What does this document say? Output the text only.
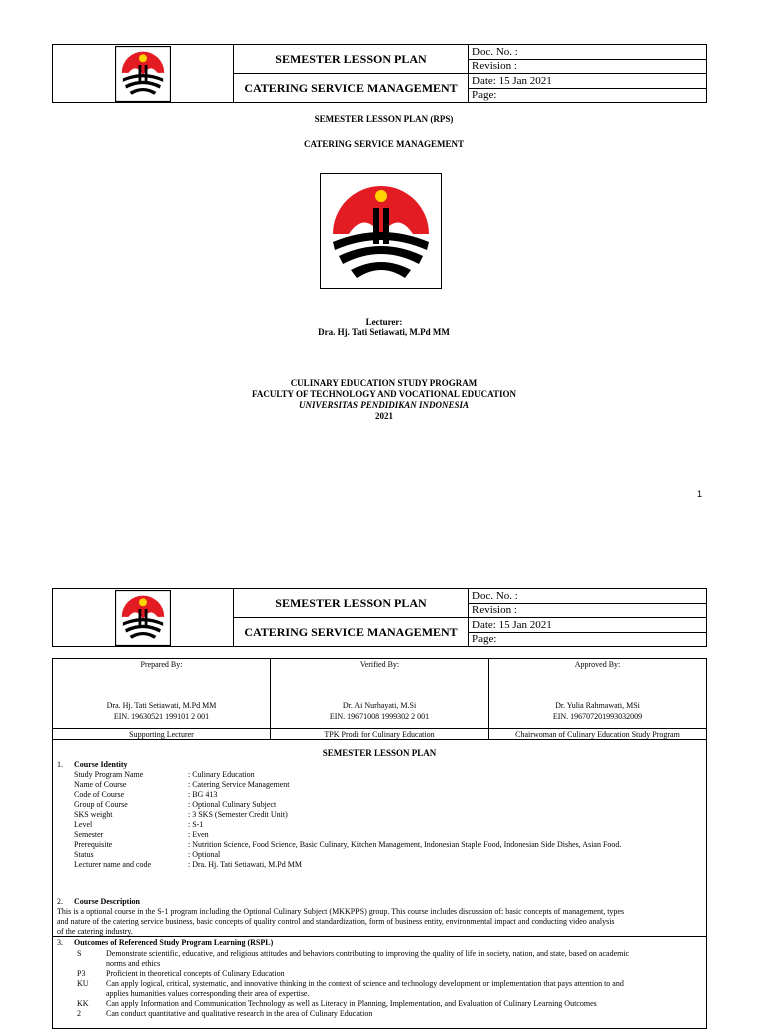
SEMESTER LESSON PLAN
CATERING SERVICE MANAGEMENT
Doc. No. :
Revision :
Date: 15 Jan 2021
Page:
SEMESTER LESSON PLAN (RPS)
CATERING SERVICE MANAGEMENT
Lecturer:
Dra. Hj. Tati Setiawati, M.Pd MM
CULINARY EDUCATION STUDY PROGRAM
FACULTY OF TECHNOLOGY AND VOCATIONAL EDUCATION
UNIVERSITAS PENDIDIKAN INDONESIA
2021
1
SEMESTER LESSON PLAN
CATERING SERVICE MANAGEMENT
Doc. No. :
Revision :
Date: 15 Jan 2021
Page:
Prepared By:
Dra. Hj. Tati Setiawati, M.Pd MM
EIN. 19630521 199101 2 001
Supporting Lecturer
Verified By:
Dr. Ai Nurhayati, M.Si
EIN. 19671008 1999302 2 001
TPK Prodi for Culinary Education
Approved By:
Dr. Yulia Rahmawati, MSi
EIN. 196707201993032009
Chairwoman of Culinary Education Study Program
SEMESTER LESSON PLAN
1. Course Identity
Study Program Name	: Culinary Education
Name of Course	: Catering Service Management
Code of Course	: BG 413
Group of Course	: Optional Culinary Subject
SKS weight	: 3 SKS (Semester Credit Unit)
Level	: S-1
Semester	: Even
Prerequisite	: Nutrition Science, Food Science, Basic Culinary, Kitchen Management, Indonesian Staple Food, Indonesian Side Dishes, Asian Food.
Status	: Optional
Lecturer name and code	: Dra. Hj. Tati Setiawati, M.Pd MM
2. Course Description
This is a optional course in the S-1 program including the Optional Culinary Subject (MKKPPS) group. This course includes discussion of: basic concepts of management, types
and nature of the catering service business, basic concepts of quality control and standardization, form of business entity, environmental impact and conducting video analysis
of the catering industry.
3. Outcomes of Referenced Study Program Learning (RSPL)
S	Demonstrate scientific, educative, and religious attitudes and behaviors contributing to improving the quality of life in society, nation, and state, based on academic
norms and ethics
P3	Proficient in theoretical concepts of Culinary Education
KU Can apply logical, critical, systematic, and innovative thinking in the context of science and technology development or implementation that pays attention to and
applies humanities values corresponding their area of expertise.
KK Can apply Information and Communication Technology as well as Literacy in Planning, Implementation, and Evaluation of Culinary Learning Outcomes
2	Can conduct quantitative and qualitative research in the area of Culinary Education
